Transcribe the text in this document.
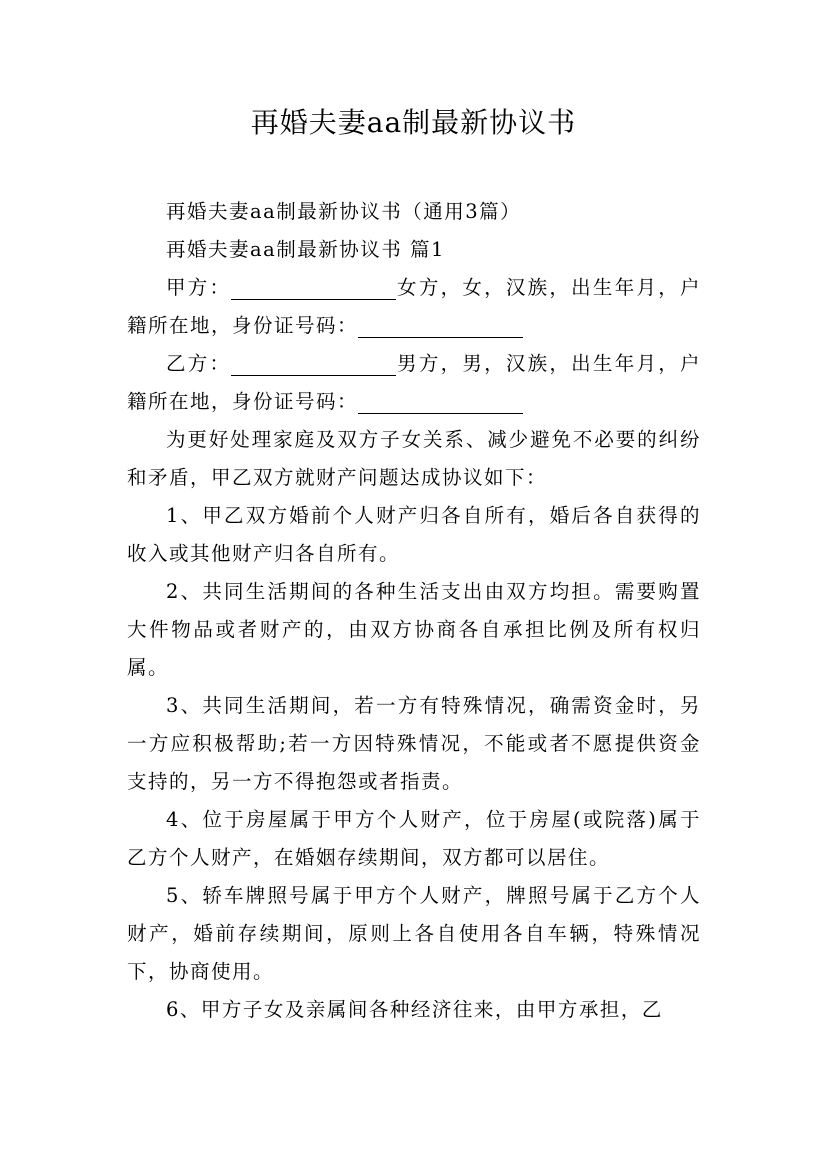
再婚夫妻aa制最新协议书

再婚夫妻aa制最新协议书（通用3篇）

再婚夫妻aa制最新协议书 篇1

甲方：	女方，女，汉族，出生年月，户籍所在地，身份证号码：

乙方：	男方，男，汉族，出生年月，户籍所在地，身份证号码：

为更好处理家庭及双方子女关系、减少避免不必要的纠纷和矛盾，甲乙双方就财产问题达成协议如下：

1、甲乙双方婚前个人财产归各自所有，婚后各自获得的收入或其他财产归各自所有。

2、共同生活期间的各种生活支出由双方均担。需要购置大件物品或者财产的，由双方协商各自承担比例及所有权归属。

3、共同生活期间，若一方有特殊情况，确需资金时，另一方应积极帮助;若一方因特殊情况，不能或者不愿提供资金支持的，另一方不得抱怨或者指责。

4、位于房屋属于甲方个人财产，位于房屋(或院落)属于乙方个人财产，在婚姻存续期间，双方都可以居住。

5、轿车牌照号属于甲方个人财产，牌照号属于乙方个人财产，婚前存续期间，原则上各自使用各自车辆，特殊情况下，协商使用。

6、甲方子女及亲属间各种经济往来，由甲方承担，乙
